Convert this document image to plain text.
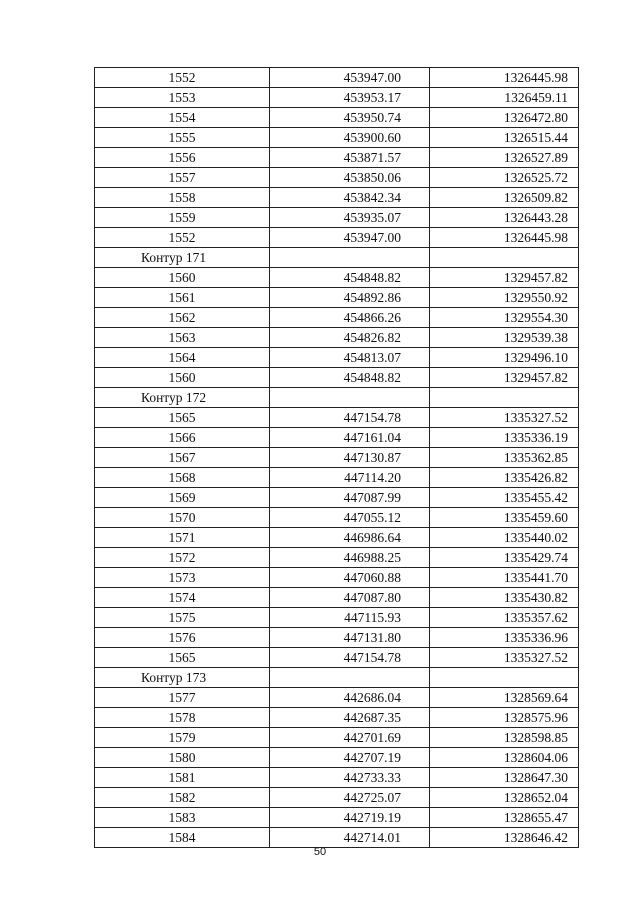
1552	453947.00	1326445.98
1553	453953.17	1326459.11
1554	453950.74	1326472.80
1555	453900.60	1326515.44
1556	453871.57	1326527.89
1557	453850.06	1326525.72
1558	453842.34	1326509.82
1559	453935.07	1326443.28
1552	453947.00	1326445.98
Контур 171		
1560	454848.82	1329457.82
1561	454892.86	1329550.92
1562	454866.26	1329554.30
1563	454826.82	1329539.38
1564	454813.07	1329496.10
1560	454848.82	1329457.82
Контур 172		
1565	447154.78	1335327.52
1566	447161.04	1335336.19
1567	447130.87	1335362.85
1568	447114.20	1335426.82
1569	447087.99	1335455.42
1570	447055.12	1335459.60
1571	446986.64	1335440.02
1572	446988.25	1335429.74
1573	447060.88	1335441.70
1574	447087.80	1335430.82
1575	447115.93	1335357.62
1576	447131.80	1335336.96
1565	447154.78	1335327.52
Контур 173		
1577	442686.04	1328569.64
1578	442687.35	1328575.96
1579	442701.69	1328598.85
1580	442707.19	1328604.06
1581	442733.33	1328647.30
1582	442725.07	1328652.04
1583	442719.19	1328655.47
1584	442714.01	1328646.42
50
